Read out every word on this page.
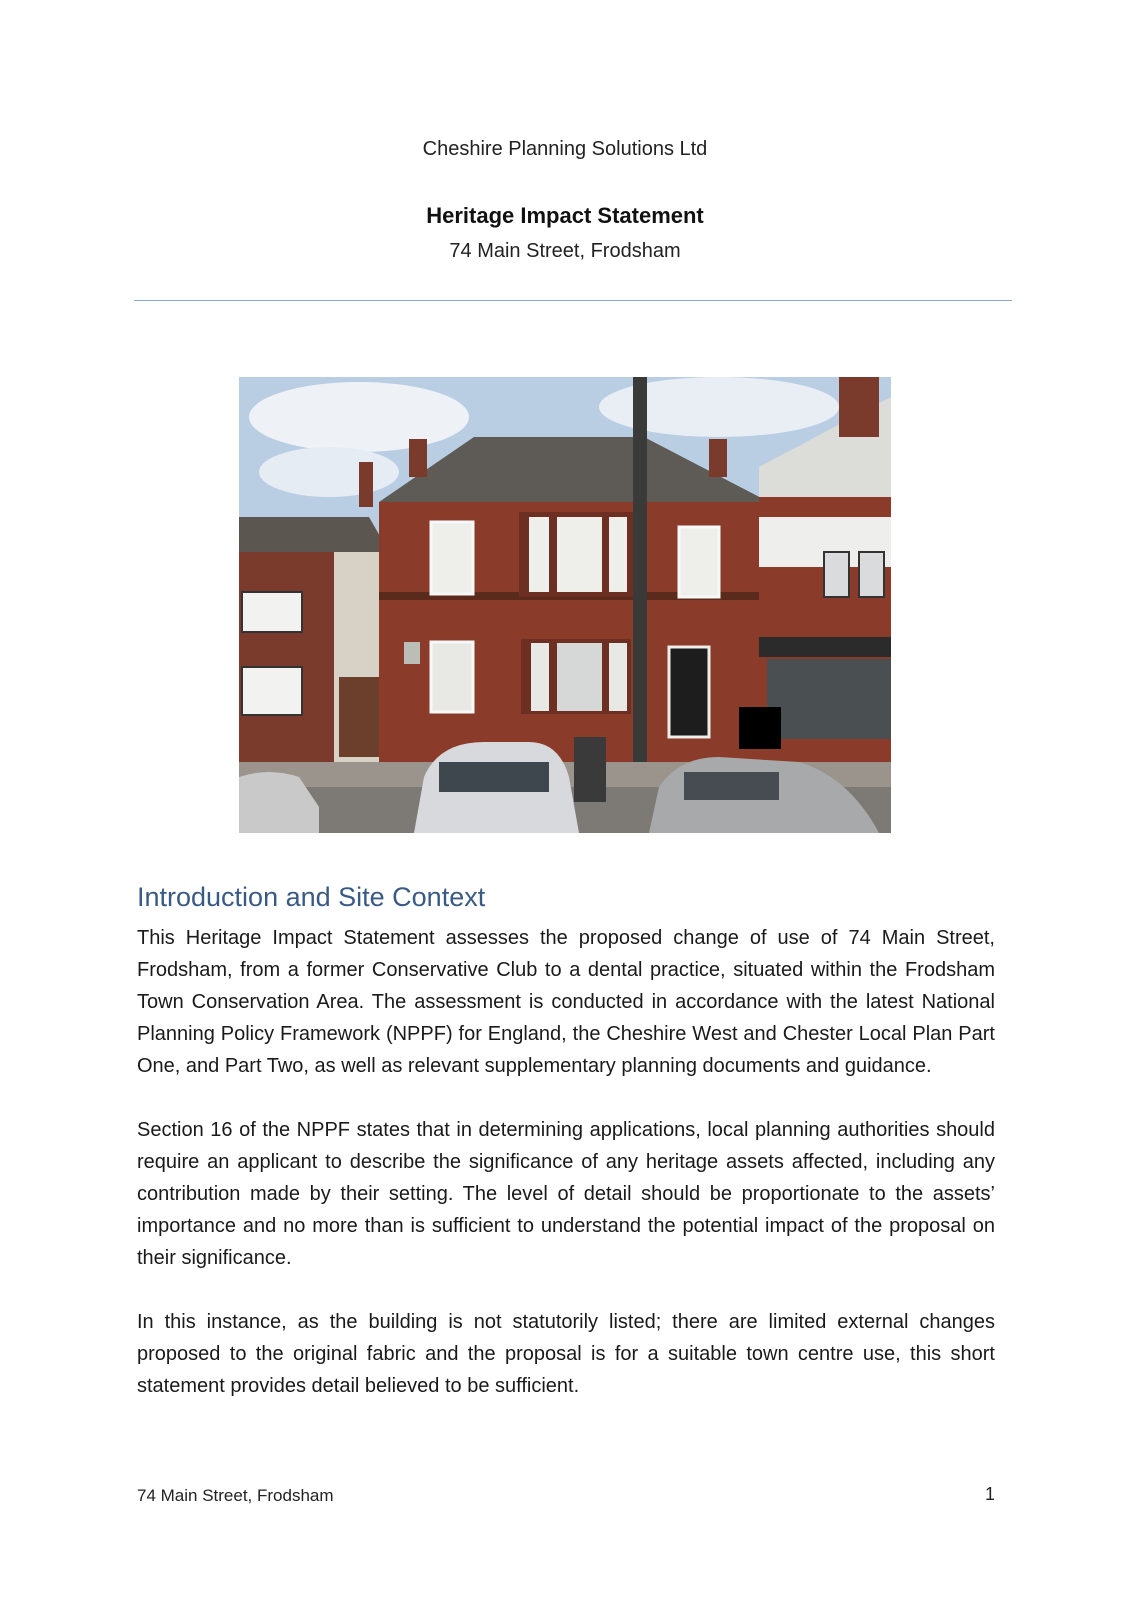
Cheshire Planning Solutions Ltd
Heritage Impact Statement
74 Main Street, Frodsham
Introduction and Site Context

This Heritage Impact Statement assesses the proposed change of use of 74 Main Street, Frodsham, from a former Conservative Club to a dental practice, situated within the Frodsham Town Conservation Area. The assessment is conducted in accordance with the latest National Planning Policy Framework (NPPF) for England, the Cheshire West and Chester Local Plan Part One, and Part Two, as well as relevant supplementary planning documents and guidance.

Section 16 of the NPPF states that in determining applications, local planning authorities should require an applicant to describe the significance of any heritage assets affected, including any contribution made by their setting. The level of detail should be proportionate to the assets’ importance and no more than is sufficient to understand the potential impact of the proposal on their significance.

In this instance, as the building is not statutorily listed; there are limited external changes proposed to the original fabric and the proposal is for a suitable town centre use, this short statement provides detail believed to be sufficient.

74 Main Street, Frodsham	1
